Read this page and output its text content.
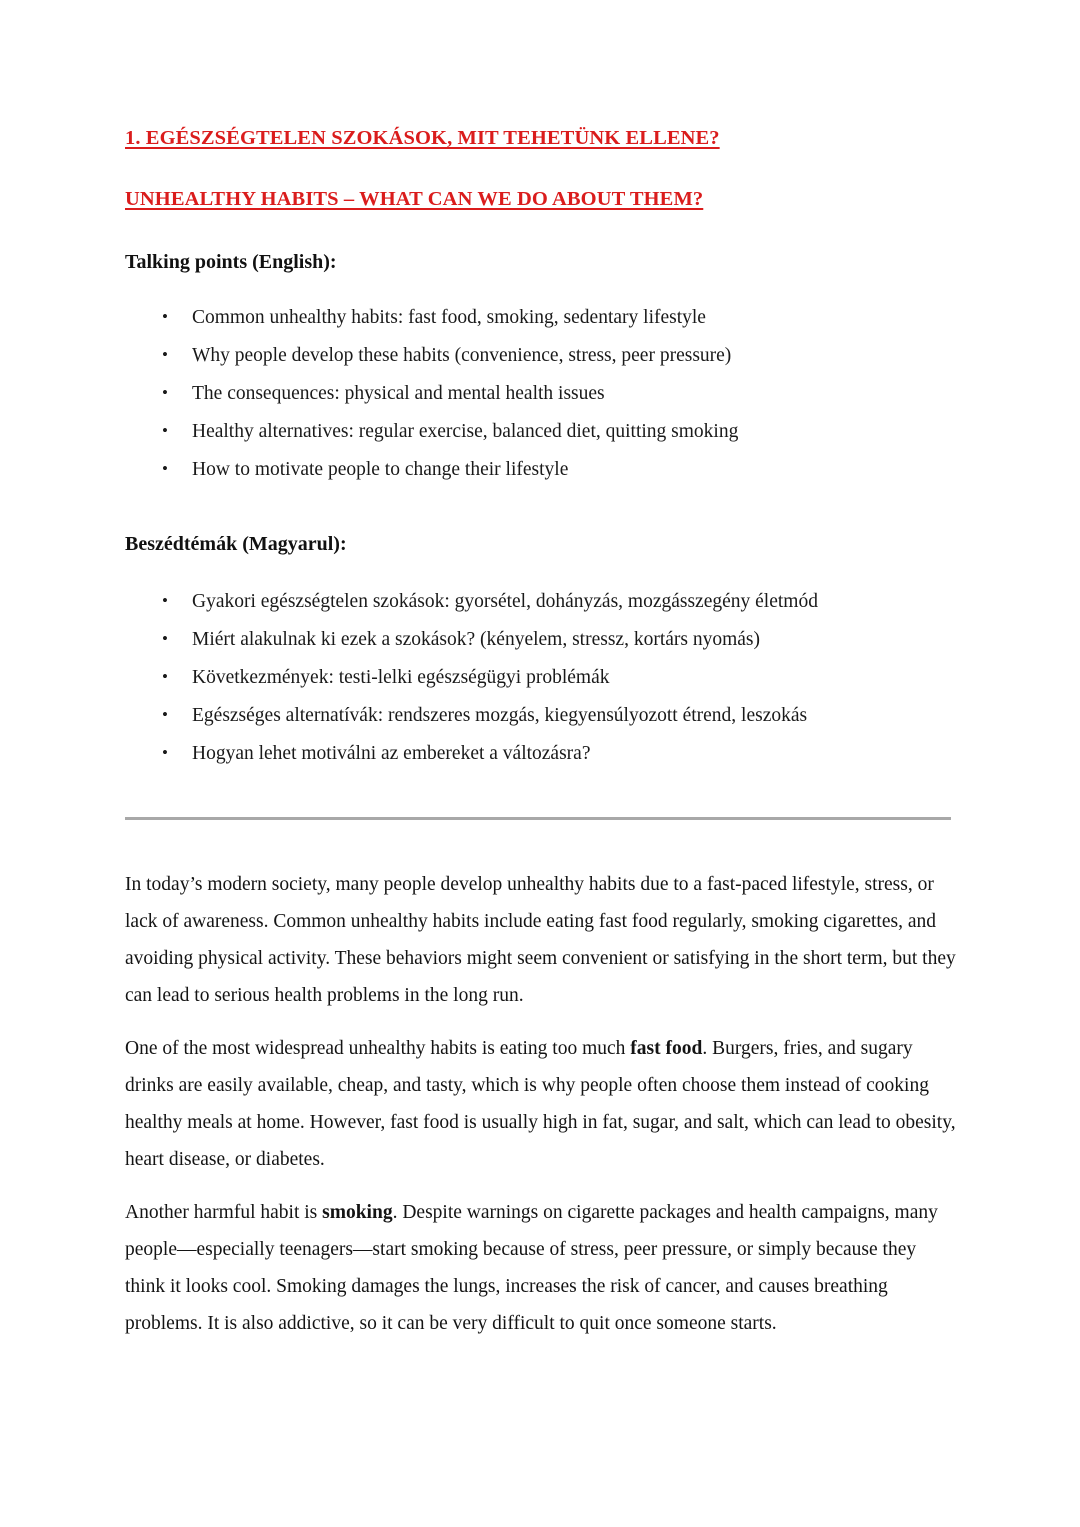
1. EGÉSZSÉGTELEN SZOKÁSOK, MIT TEHETÜNK ELLENE?
UNHEALTHY HABITS – WHAT CAN WE DO ABOUT THEM?
Talking points (English):
• Common unhealthy habits: fast food, smoking, sedentary lifestyle
• Why people develop these habits (convenience, stress, peer pressure)
• The consequences: physical and mental health issues
• Healthy alternatives: regular exercise, balanced diet, quitting smoking
• How to motivate people to change their lifestyle
Beszédtémák (Magyarul):
• Gyakori egészségtelen szokások: gyorsétel, dohányzás, mozgásszegény életmód
• Miért alakulnak ki ezek a szokások? (kényelem, stressz, kortárs nyomás)
• Következmények: testi-lelki egészségügyi problémák
• Egészséges alternatívák: rendszeres mozgás, kiegyensúlyozott étrend, leszokás
• Hogyan lehet motiválni az embereket a változásra?

In today’s modern society, many people develop unhealthy habits due to a fast-paced lifestyle, stress, or lack of awareness. Common unhealthy habits include eating fast food regularly, smoking cigarettes, and avoiding physical activity. These behaviors might seem convenient or satisfying in the short term, but they can lead to serious health problems in the long run.

One of the most widespread unhealthy habits is eating too much fast food. Burgers, fries, and sugary drinks are easily available, cheap, and tasty, which is why people often choose them instead of cooking healthy meals at home. However, fast food is usually high in fat, sugar, and salt, which can lead to obesity, heart disease, or diabetes.

Another harmful habit is smoking. Despite warnings on cigarette packages and health campaigns, many people—especially teenagers—start smoking because of stress, peer pressure, or simply because they think it looks cool. Smoking damages the lungs, increases the risk of cancer, and causes breathing problems. It is also addictive, so it can be very difficult to quit once someone starts.
